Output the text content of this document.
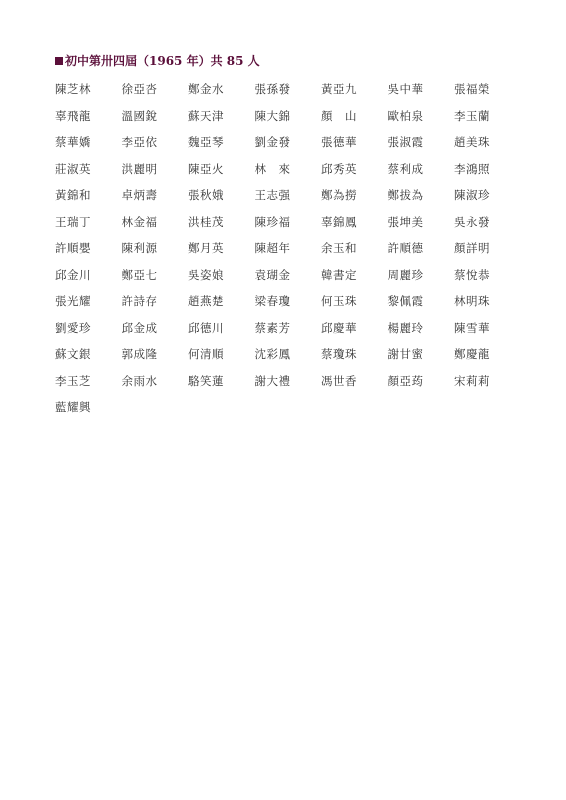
初中第卅四屆（1965 年）共 85 人
陳芝林	徐亞呇	鄭金水	張孫發	黃亞九	吳中華	張福榮
辜飛龍	溫國銳	蘇天津	陳大錦	顏　山	歐柏泉	李玉蘭
蔡華嬌	李亞依	魏亞琴	劉金發	張德華	張淑霞	趙美珠
莊淑英	洪麗明	陳亞火	林　來	邱秀英	蔡利成	李鴻照
黃錦和	卓炳壽	張秋娥	王志强	鄭為撈	鄭拔為	陳淑珍
王瑞丁	林金福	洪桂茂	陳珍福	辜錦鳳	張坤美	吳永發
許順嬰	陳利源	鄭月英	陳超年	余玉和	許順德	顏詳明
邱金川	鄭亞七	吳姿娘	袁瑚金	韓書定	周麗珍	蔡悅恭
張光耀	許詩存	趙燕楚	梁春瓊	何玉珠	黎佩霞	林明珠
劉愛珍	邱金成	邱德川	蔡素芳	邱慶華	楊麗玲	陳雪華
蘇文銀	郭成隆	何清順	沈彩鳳	蔡瓊珠	謝甘蜜	鄭慶龍
李玉芝	余雨水	駱笑蓮	謝大禮	馮世香	顏亞荺	宋莉莉
藍耀興
